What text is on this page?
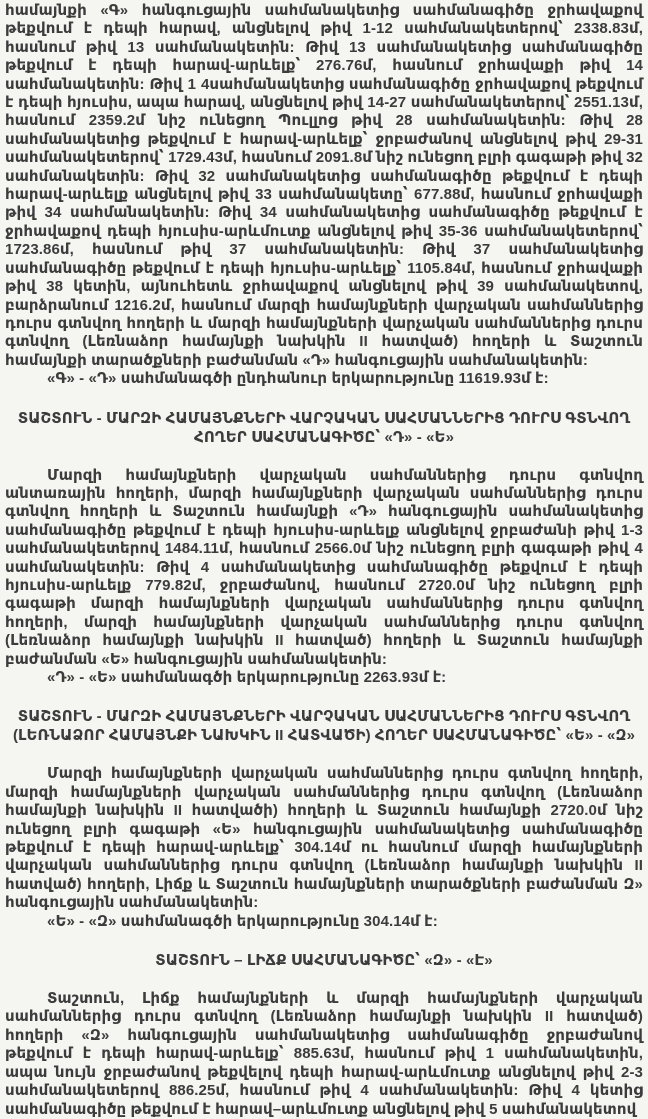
համայնքի «Գ» հանգուցային սահմանակետից սահմանագիծը ջրհավաքով թեքվում է դեպի հարավ, անցնելով թիվ 1-12 սահմանակետերով՝ 2338.83մ, հասնում թիվ 13 սահմանակետին: Թիվ 13 սահմանակետից սահմանագիծը թեքվում է դեպի հարավ-արևելք՝ 276.76մ, հասնում ջրհավաքի թիվ 14 սահմանակետին: Թիվ 1 4սահմանակետից սահմանագիծը ջրհավաքով թեքվում է դեպի հյուսիս, ապա հարավ, անցնելով թիվ 14-27 սահմանակետերով՝ 2551.13մ, հասնում 2359.2մ նիշ ունեցող Պուլլոց թիվ 28 սահմանակետին: Թիվ 28 սահմանակետից թեքվում է հարավ-արևելք՝ ջրբաժանով անցնելով թիվ 29-31 սահմանակետերով՝ 1729.43մ, հասնում 2091.8մ նիշ ունեցող բլրի գագաթի թիվ 32 սահմանակետին: Թիվ 32 սահմանակետից սահմանագիծը թեքվում է դեպի հարավ-արևելք անցնելով թիվ 33 սահմանակետը՝ 677.88մ, հասնում ջրհավաքի թիվ 34 սահմանակետին: Թիվ 34 սահմանակետից սահմանագիծը թեքվում է ջրհավաքով դեպի հյուսիս-արևմուտք անցնելով թիվ 35-36 սահմանակետերով՝ 1723.86մ, հասնում թիվ 37 սահմանակետին: Թիվ 37 սահմանակետից սահմանագիծը թեքվում է դեպի հյուսիս-արևելք՝ 1105.84մ, հասնում ջրհավաքի թիվ 38 կետին, այնուհետև ջրհավաքով անցնելով թիվ 39 սահմանակետով, բարձրանում 1216.2մ, հասնում մարզի համայնքների վարչական սահմաններից դուրս գտնվող հողերի և մարզի համայնքների վարչական սահմաններից դուրս գտնվող (Լեռնաձոր համայնքի նախկին II հատված) հողերի և Տաշտուն համայնքի տարածքների բաժանման «Դ» հանգուցային սահմանակետին:

«Գ» - «Դ» սահմանագծի ընդհանուր երկարությունը 11619.93մ է:

ՏԱՇՏՈՒՆ - ՄԱՐԶԻ ՀԱՄԱՅՆՔՆԵՐԻ ՎԱՐՉԱԿԱՆ ՍԱՀՄԱՆՆԵՐԻՑ ԴՈՒՐՍ ԳՏՆՎՈՂ ՀՈՂԵՐ ՍԱՀՄԱՆԱԳԻԾԸ՝ «Դ» - «Ե»

Մարզի համայնքների վարչական սահմաններից դուրս գտնվող անտառային հողերի, մարզի համայնքների վարչական սահմաններից դուրս գտնվող հողերի և Տաշտուն համայնքի «Դ» հանգուցային սահմանակետից սահմանագիծը թեքվում է դեպի հյուսիս-արևելք անցնելով ջրբաժանի թիվ 1-3 սահմանակետերով 1484.11մ, հասնում 2566.0մ նիշ ունեցող բլրի գագաթի թիվ 4 սահմանակետին: Թիվ 4 սահմանակետից սահմանագիծը թեքվում է դեպի հյուսիս-արևելք 779.82մ, ջրբաժանով, հասնում 2720.0մ նիշ ունեցող բլրի գագաթի մարզի համայնքների վարչական սահմաններից դուրս գտնվող հողերի, մարզի համայնքների վարչական սահմաններից դուրս գտնվող (Լեռնաձոր համայնքի նախկին II հատված) հողերի և Տաշտուն համայնքի բաժանման «Ե» հանգուցային սահմանակետին:

«Դ» - «Ե» սահմանագծի երկարությունը 2263.93մ է:

ՏԱՇՏՈՒՆ - ՄԱՐԶԻ ՀԱՄԱՅՆՔՆԵՐԻ ՎԱՐՉԱԿԱՆ ՍԱՀՄԱՆՆԵՐԻՑ ԴՈՒՐՍ ԳՏՆՎՈՂ (ԼԵՌՆԱՁՈՐ ՀԱՄԱՅՆՔԻ ՆԱԽԿԻՆ II ՀԱՏՎԱԾԻ) ՀՈՂԵՐ ՍԱՀՄԱՆԱԳԻԾԸ՝ «Ե» - «Զ»

Մարզի համայնքների վարչական սահմաններից դուրս գտնվող հողերի, մարզի համայնքների վարչական սահմաններից դուրս գտնվող (Լեռնաձոր համայնքի նախկին II հատվածի) հողերի և Տաշտուն համայնքի 2720.0մ նիշ ունեցող բլրի գագաթի «Ե» հանգուցային սահմանակետից սահմանագիծը թեքվում է դեպի հարավ-արևելք՝ 304.14մ ու հասնում մարզի համայնքների վարչական սահմաններից դուրս գտնվող (Լեռնաձոր համայնքի նախկին II հատված) հողերի, Լիճք և Տաշտուն համայնքների տարածքների բաժանման Զ» հանգուցային սահմանակետին:

«Ե» - «Զ» սահմանագծի երկարությունը 304.14մ է:

ՏԱՇՏՈՒՆ – ԼԻՃՔ ՍԱՀՄԱՆԱԳԻԾԸ՝ «Զ» - «Է»

Տաշտուն, Լիճք համայնքների և մարզի համայնքների վարչական սահմաններից դուրս գտնվող (Լեռնաձոր համայնքի նախկին II հատված) հողերի «Զ» հանգուցային սահմանակետից սահմանագիծը ջրբաժանով թեքվում է դեպի հարավ-արևելք՝ 885.63մ, հասնում թիվ 1 սահմանակետին, ապա նույն ջրբաժանով թեքվելով դեպի հարավ-արևմուտք անցնելով թիվ 2-3 սահմանակետերով 886.25մ, հասնում թիվ 4 սահմանակետին: Թիվ 4 կետից սահմանագիծը թեքվում է հարավ–արևմուտք անցնելով թիվ 5 սահմանակետով
